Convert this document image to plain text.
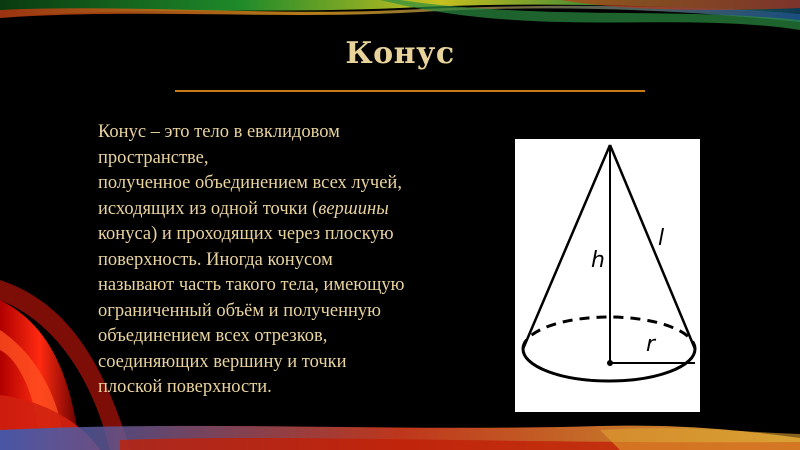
Конус
Конус – это тело в евклидовом
пространстве,
полученное объединением всех лучей,
исходящих из одной точки (вершины
конуса) и проходящих через плоскую
поверхность. Иногда конусом
называют часть такого тела, имеющую
ограниченный объём и полученную
объединением всех отрезков,
соединяющих вершину и точки
плоской поверхности.
h
l
r
